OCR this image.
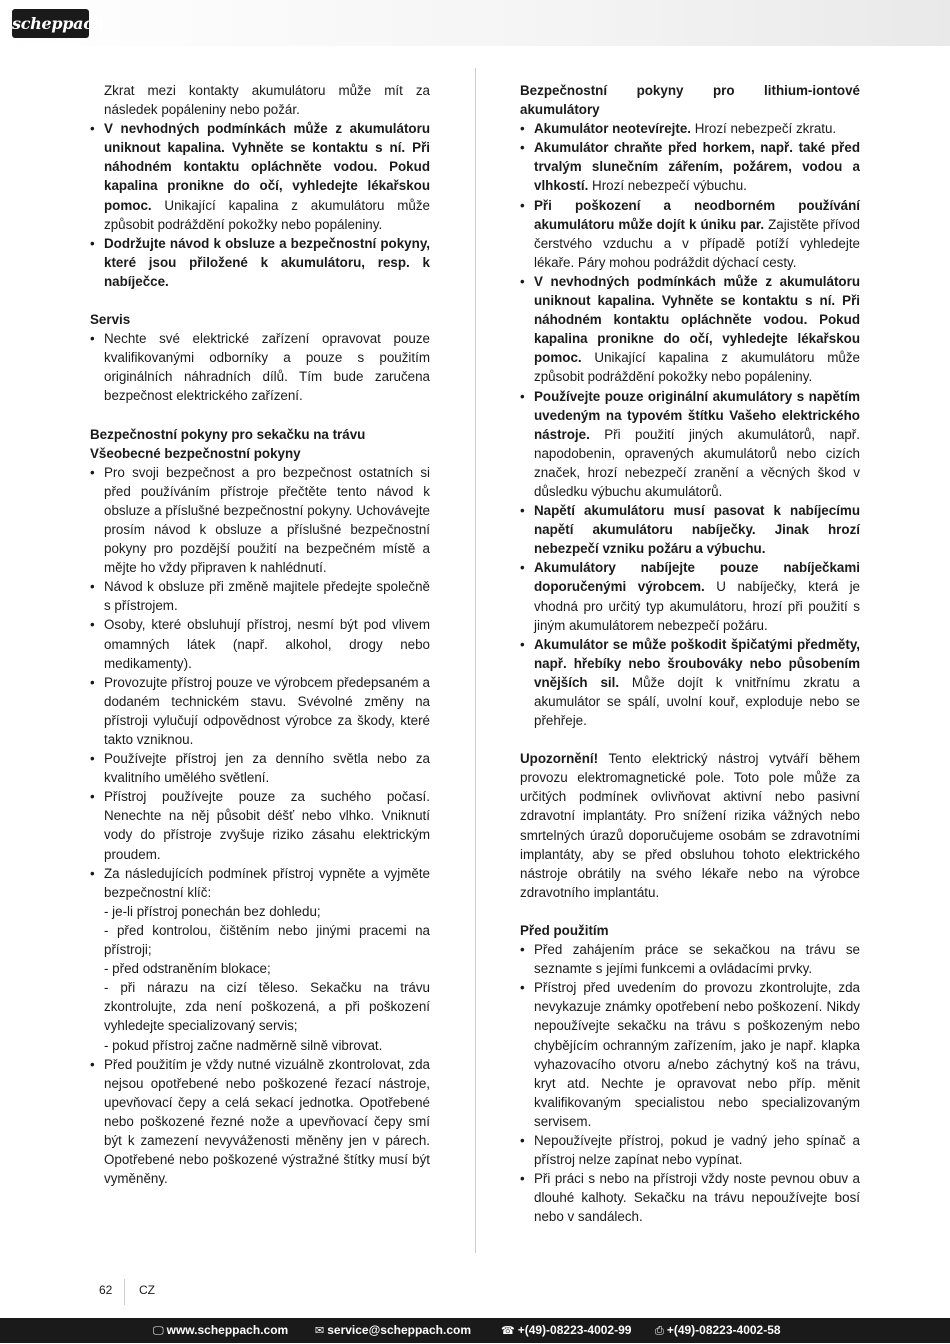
scheppach

Zkrat mezi kontakty akumulátoru může mít za následek popáleniny nebo požár.

• V nevhodných podmínkách může z akumulátoru uniknout kapalina. Vyhněte se kontaktu s ní. Při náhodném kontaktu opláchněte vodou. Pokud kapalina pronikne do očí, vyhledejte lékařskou pomoc. Unikající kapalina z akumulátoru může způsobit podráždění pokožky nebo popáleniny.
• Dodržujte návod k obsluze a bezpečnostní pokyny, které jsou přiložené k akumulátoru, resp. k nabíječce.

Servis

• Nechte své elektrické zařízení opravovat pouze kvalifikovanými odborníky a pouze s použitím originálních náhradních dílů. Tím bude zaručena bezpečnost elektrického zařízení.

Bezpečnostní pokyny pro sekačku na trávu

Všeobecné bezpečnostní pokyny

• Pro svoji bezpečnost a pro bezpečnost ostatních si před používáním přístroje přečtěte tento návod k obsluze a příslušné bezpečnostní pokyny. Uchovávejte prosím návod k obsluze a příslušné bezpečnostní pokyny pro pozdější použití na bezpečném místě a mějte ho vždy připraven k nahlédnutí.
• Návod k obsluze při změně majitele předejte společně s přístrojem.
• Osoby, které obsluhují přístroj, nesmí být pod vlivem omamných látek (např. alkohol, drogy nebo medikamenty).
• Provozujte přístroj pouze ve výrobcem předepsaném a dodaném technickém stavu. Svévolné změny na přístroji vylučují odpovědnost výrobce za škody, které takto vzniknou.
• Používejte přístroj jen za denního světla nebo za kvalitního umělého světlení.
• Přístroj používejte pouze za suchého počasí. Nenechte na něj působit déšť nebo vlhko. Vniknutí vody do přístroje zvyšuje riziko zásahu elektrickým proudem.
• Za následujících podmínek přístroj vypněte a vyjměte bezpečnostní klíč:
- je-li přístroj ponechán bez dohledu;
- před kontrolou, čištěním nebo jinými pracemi na přístroji;
- před odstraněním blokace;
- při nárazu na cizí těleso. Sekačku na trávu zkontrolujte, zda není poškozená, a při poškození vyhledejte specializovaný servis;
- pokud přístroj začne nadměrně silně vibrovat.
• Před použitím je vždy nutné vizuálně zkontrolovat, zda nejsou opotřebené nebo poškozené řezací nástroje, upevňovací čepy a celá sekací jednotka. Opotřebené nebo poškozené řezné nože a upevňovací čepy smí být k zamezení nevyváženosti měněny jen v párech. Opotřebené nebo poškozené výstražné štítky musí být vyměněny.

Bezpečnostní pokyny pro lithium-iontové akumulátory

• Akumulátor neotevírejte. Hrozí nebezpečí zkratu.
• Akumulátor chraňte před horkem, např. také před trvalým slunečním zářením, požárem, vodou a vlhkostí. Hrozí nebezpečí výbuchu.
• Při poškození a neodborném používání akumulátoru může dojít k úniku par. Zajistěte přívod čerstvého vzduchu a v případě potíží vyhledejte lékaře. Páry mohou podráždit dýchací cesty.
• V nevhodných podmínkách může z akumulátoru uniknout kapalina. Vyhněte se kontaktu s ní. Při náhodném kontaktu opláchněte vodou. Pokud kapalina pronikne do očí, vyhledejte lékařskou pomoc. Unikající kapalina z akumulátoru může způsobit podráždění pokožky nebo popáleniny.
• Používejte pouze originální akumulátory s napětím uvedeným na typovém štítku Vašeho elektrického nástroje. Při použití jiných akumulátorů, např. napodobenin, opravených akumulátorů nebo cizích značek, hrozí nebezpečí zranění a věcných škod v důsledku výbuchu akumulátorů.
• Napětí akumulátoru musí pasovat k nabíjecímu napětí akumulátoru nabíječky. Jinak hrozí nebezpečí vzniku požáru a výbuchu.
• Akumulátory nabíjejte pouze nabíječkami doporučenými výrobcem. U nabíječky, která je vhodná pro určitý typ akumulátoru, hrozí při použití s jiným akumulátorem nebezpečí požáru.
• Akumulátor se může poškodit špičatými předměty, např. hřebíky nebo šroubováky nebo působením vnějších sil. Může dojít k vnitřnímu zkratu a akumulátor se spálí, uvolní kouř, exploduje nebo se přehřeje.

Upozornění! Tento elektrický nástroj vytváří během provozu elektromagnetické pole. Toto pole může za určitých podmínek ovlivňovat aktivní nebo pasivní zdravotní implantáty. Pro snížení rizika vážných nebo smrtelných úrazů doporučujeme osobám se zdravotními implantáty, aby se před obsluhou tohoto elektrického nástroje obrátily na svého lékaře nebo na výrobce zdravotního implantátu.

Před použitím

• Před zahájením práce se sekačkou na trávu se seznamte s jejími funkcemi a ovládacími prvky.
• Přístroj před uvedením do provozu zkontrolujte, zda nevykazuje známky opotřebení nebo poškození. Nikdy nepoužívejte sekačku na trávu s poškozeným nebo chybějícím ochranným zařízením, jako je např. klapka vyhazovacího otvoru a/nebo záchytný koš na trávu, kryt atd. Nechte je opravovat nebo příp. měnit kvalifikovaným specialistou nebo specializovaným servisem.
• Nepoužívejte přístroj, pokud je vadný jeho spínač a přístroj nelze zapínat nebo vypínat.
• Při práci s nebo na přístroji vždy noste pevnou obuv a dlouhé kalhoty. Sekačku na trávu nepoužívejte bosí nebo v sandálech.
62 CZ
🖵 www.scheppach.com ✉ service@scheppach.com	☎ +(49)-08223-4002-99 ⎙ +(49)-08223-4002-58
